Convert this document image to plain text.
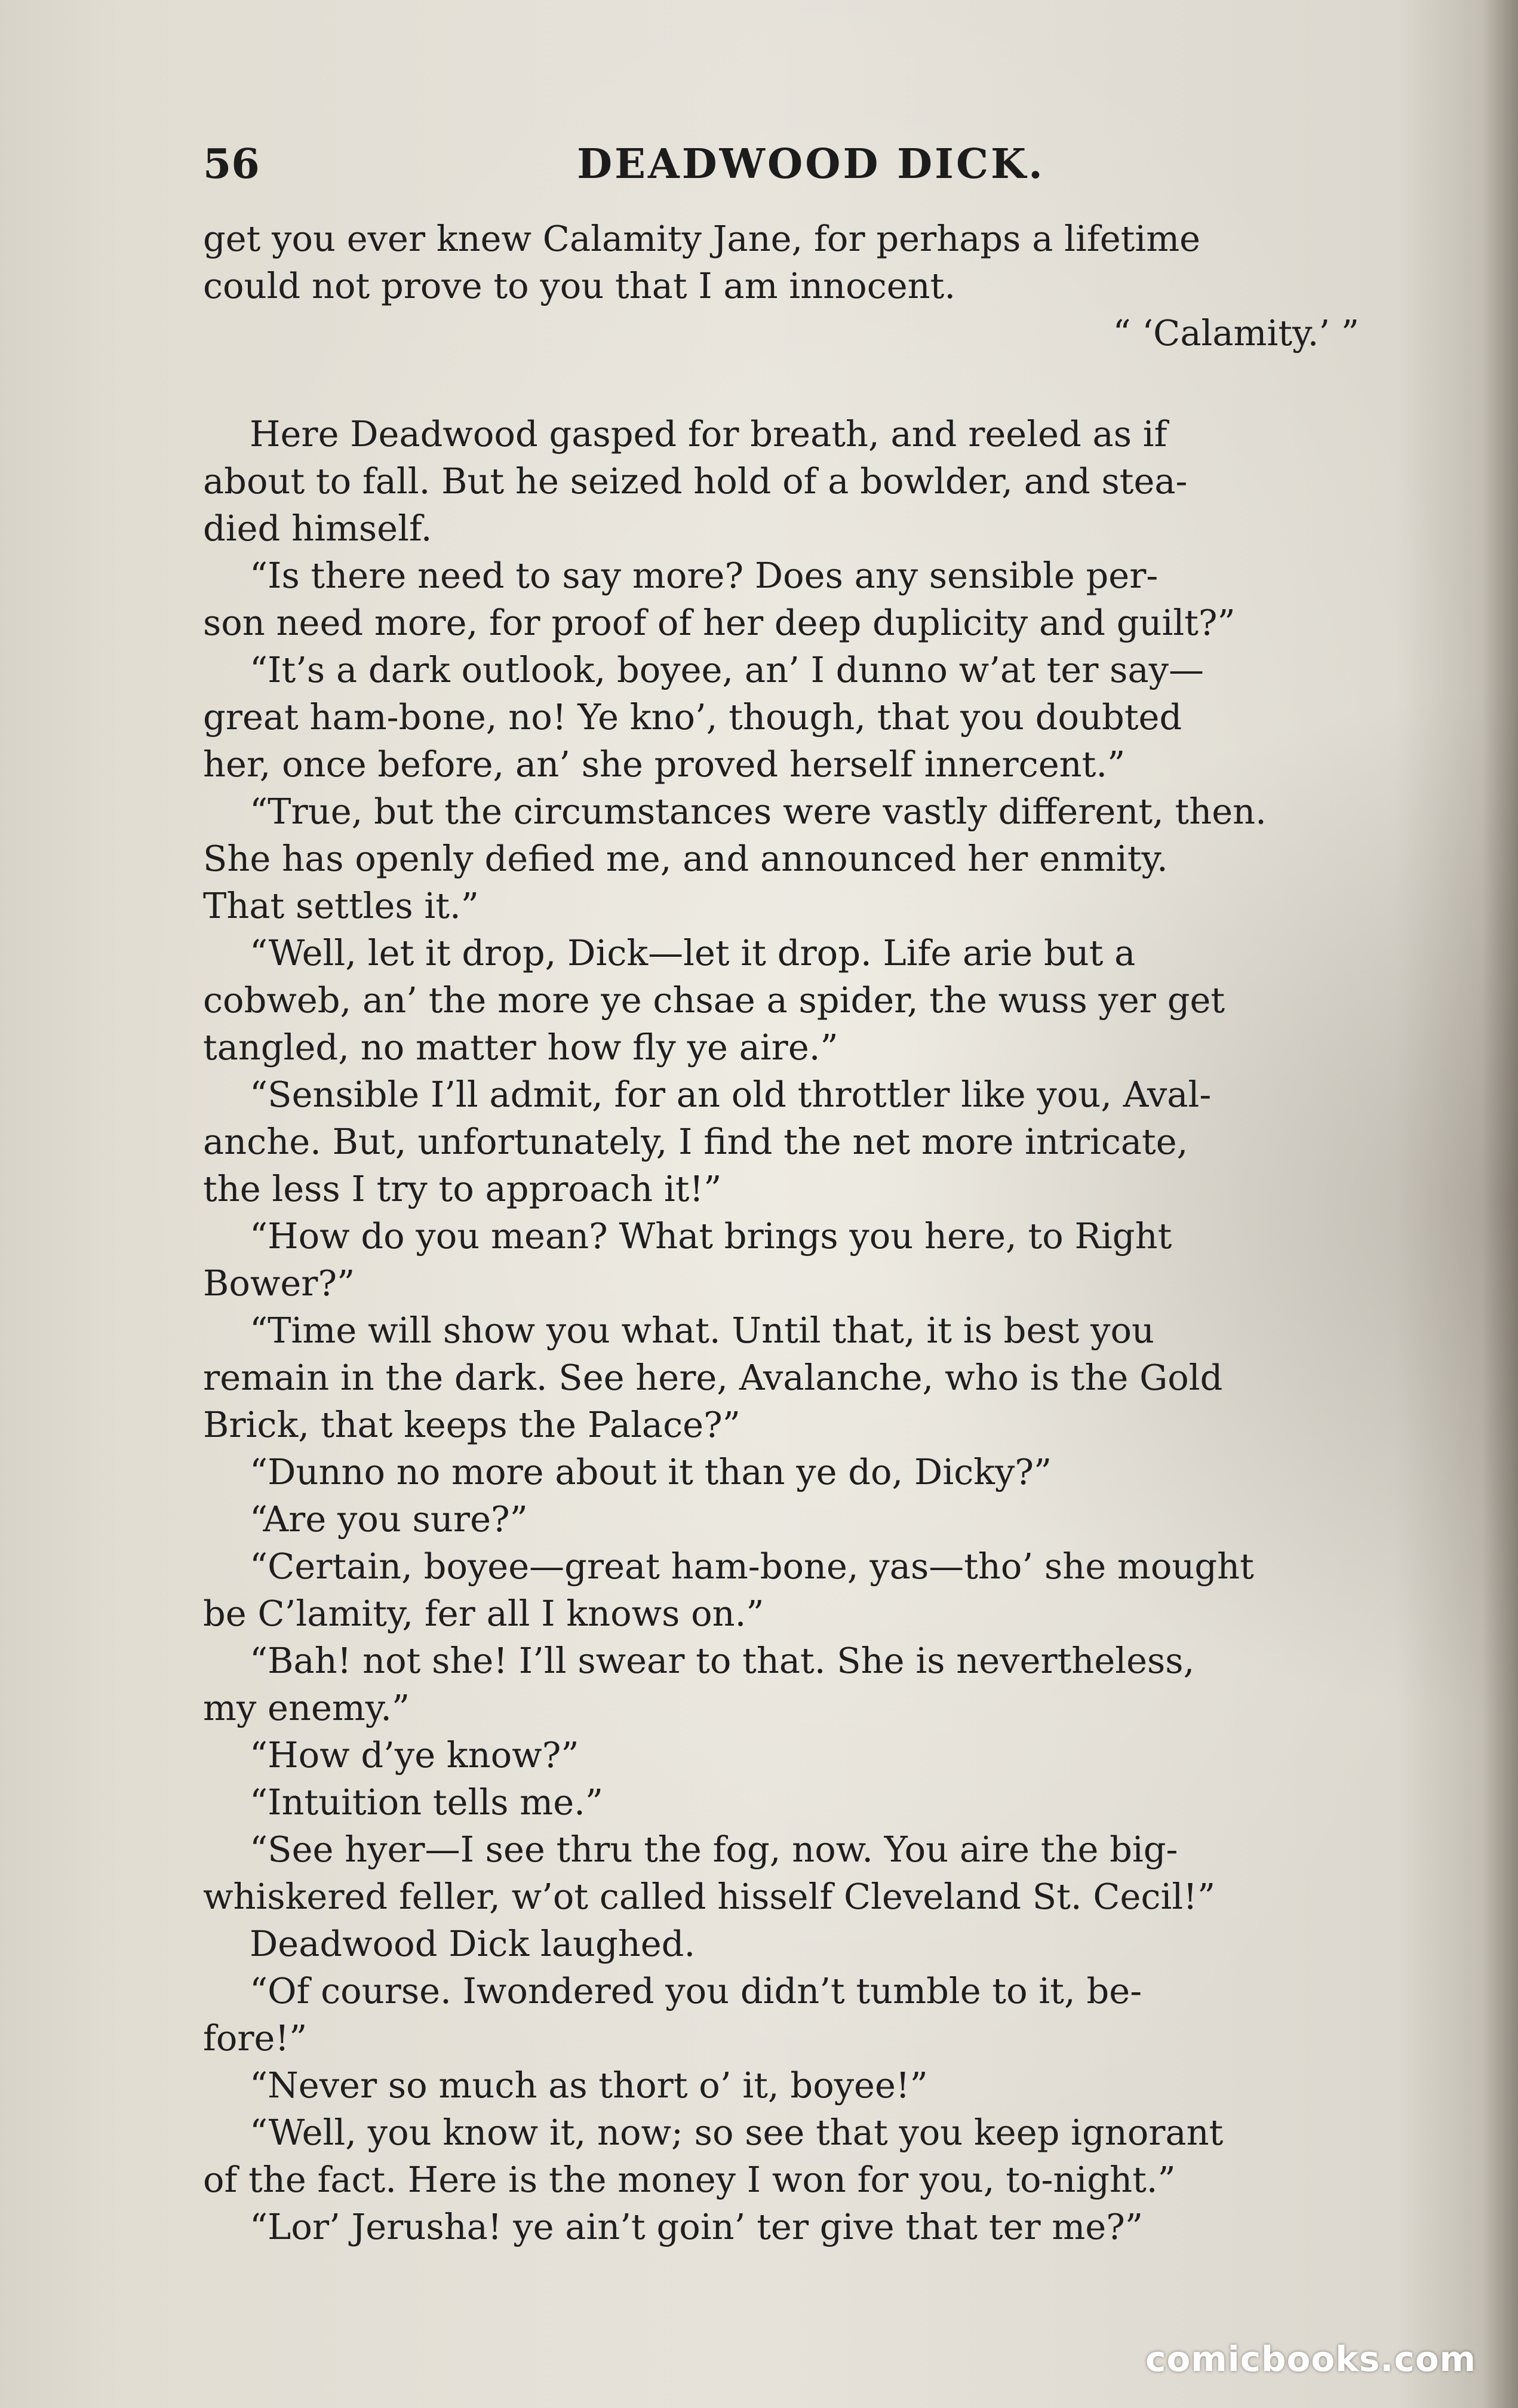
56	DEADWOOD DICK.
get you ever knew Calamity Jane, for perhaps a lifetime
could not prove to you that I am innocent.
“ ‘Calamity.’ ”
Here Deadwood gasped for breath, and reeled as if
about to fall. But he seized hold of a bowlder, and stea-
died himself.
“Is there need to say more? Does any sensible per-
son need more, for proof of her deep duplicity and guilt?”
“It’s a dark outlook, boyee, an’ I dunno w’at ter say—
great ham-bone, no! Ye kno’, though, that you doubted
her, once before, an’ she proved herself innercent.”
“True, but the circumstances were vastly different, then.
She has openly defied me, and announced her enmity.
That settles it.”
“Well, let it drop, Dick—let it drop. Life arie but a
cobweb, an’ the more ye chsae a spider, the wuss yer get
tangled, no matter how fly ye aire.”
“Sensible I’ll admit, for an old throttler like you, Aval-
anche. But, unfortunately, I find the net more intricate,
the less I try to approach it!”
“How do you mean? What brings you here, to Right
Bower?”
“Time will show you what. Until that, it is best you
remain in the dark. See here, Avalanche, who is the Gold
Brick, that keeps the Palace?”
“Dunno no more about it than ye do, Dicky?”
“Are you sure?”
“Certain, boyee—great ham-bone, yas—tho’ she mought
be C’lamity, fer all I knows on.”
“Bah! not she! I’ll swear to that. She is nevertheless,
my enemy.”
“How d’ye know?”
“Intuition tells me.”
“See hyer—I see thru the fog, now. You aire the big-
whiskered feller, w’ot called hisself Cleveland St. Cecil!”
Deadwood Dick laughed.
“Of course. Iwondered you didn’t tumble to it, be-
fore!”
“Never so much as thort o’ it, boyee!”
“Well, you know it, now; so see that you keep ignorant
of the fact. Here is the money I won for you, to-night.”
“Lor’ Jerusha! ye ain’t goin’ ter give that ter me?”
comicbooks.com
